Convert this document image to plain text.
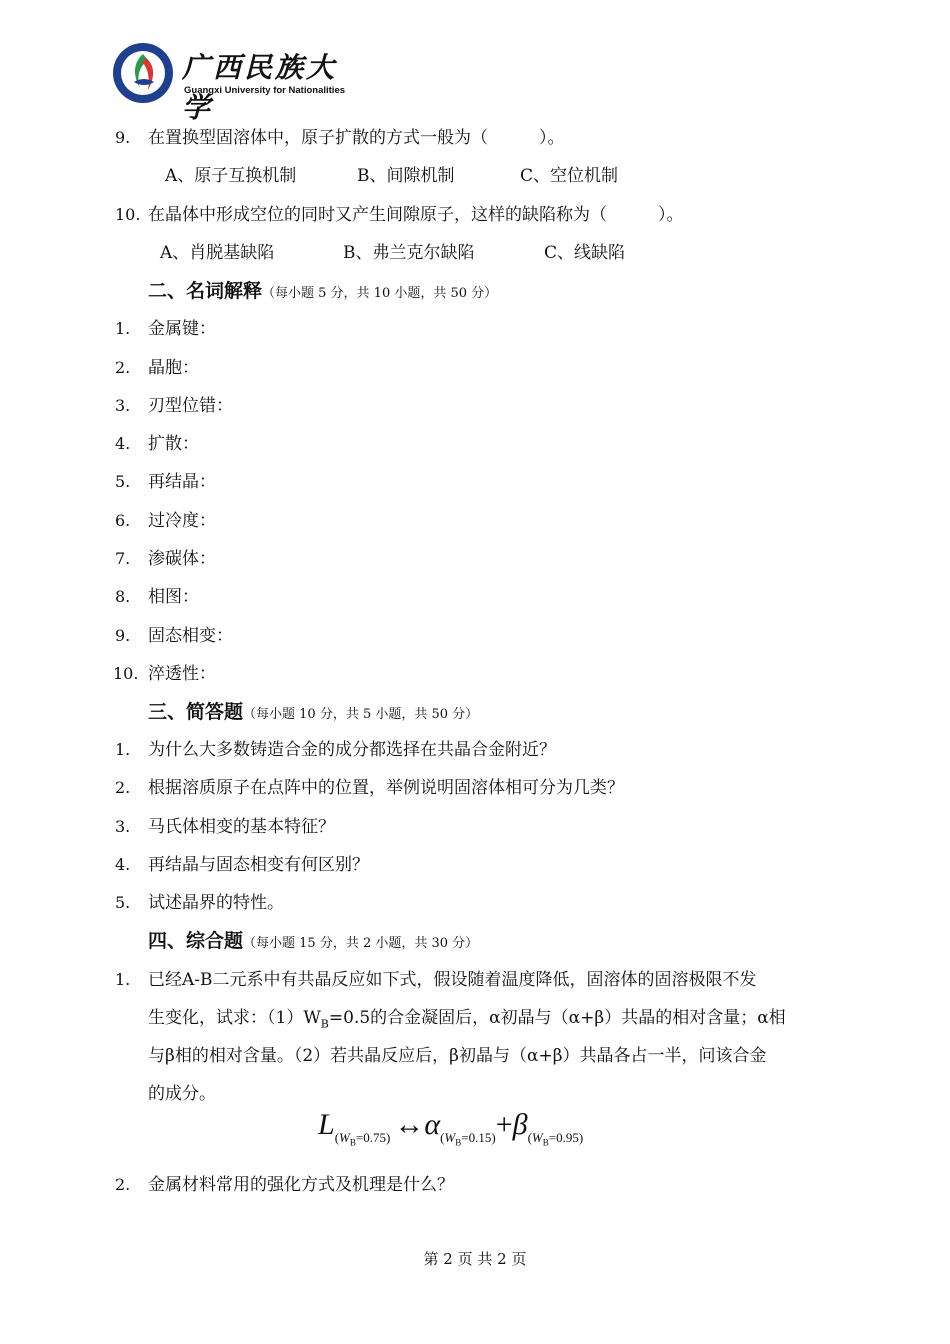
广西民族大学
Guangxi University for Nationalities
9. 在置换型固溶体中，原子扩散的方式一般为（　　　）。
A、原子互换机制	B、间隙机制	C、空位机制
10. 在晶体中形成空位的同时又产生间隙原子，这样的缺陷称为（　　　）。
A、肖脱基缺陷	B、弗兰克尔缺陷	C、线缺陷
二、名词解释（每小题 5 分，共 10 小题，共 50 分）
1. 金属键：
2. 晶胞：
3. 刃型位错：
4. 扩散：
5. 再结晶：
6. 过冷度：
7. 渗碳体：
8. 相图：
9. 固态相变：
10. 淬透性：
三、简答题（每小题 10 分，共 5 小题，共 50 分）
1. 为什么大多数铸造合金的成分都选择在共晶合金附近？
2. 根据溶质原子在点阵中的位置，举例说明固溶体相可分为几类？
3. 马氏体相变的基本特征？
4. 再结晶与固态相变有何区别？
5. 试述晶界的特性。
四、综合题（每小题 15 分，共 2 小题，共 30 分）
1. 已经A-B二元系中有共晶反应如下式，假设随着温度降低，固溶体的固溶极限不发
生变化，试求：$(1)W_B=0.5$的合金凝固后，α初晶与（α+β）共晶的相对含量；α相
与β相的相对含量。（2）若共晶反应后，β初晶与（α+β）共晶各占一半，问该合金
的成分。
$L_{(W_B=0.75)}$ $\leftrightarrow\alpha_{(W_B=0.15)}+\beta_{(W_B=0.95)}$
2. 金属材料常用的强化方式及机理是什么？
第 2 页 共 2 页
